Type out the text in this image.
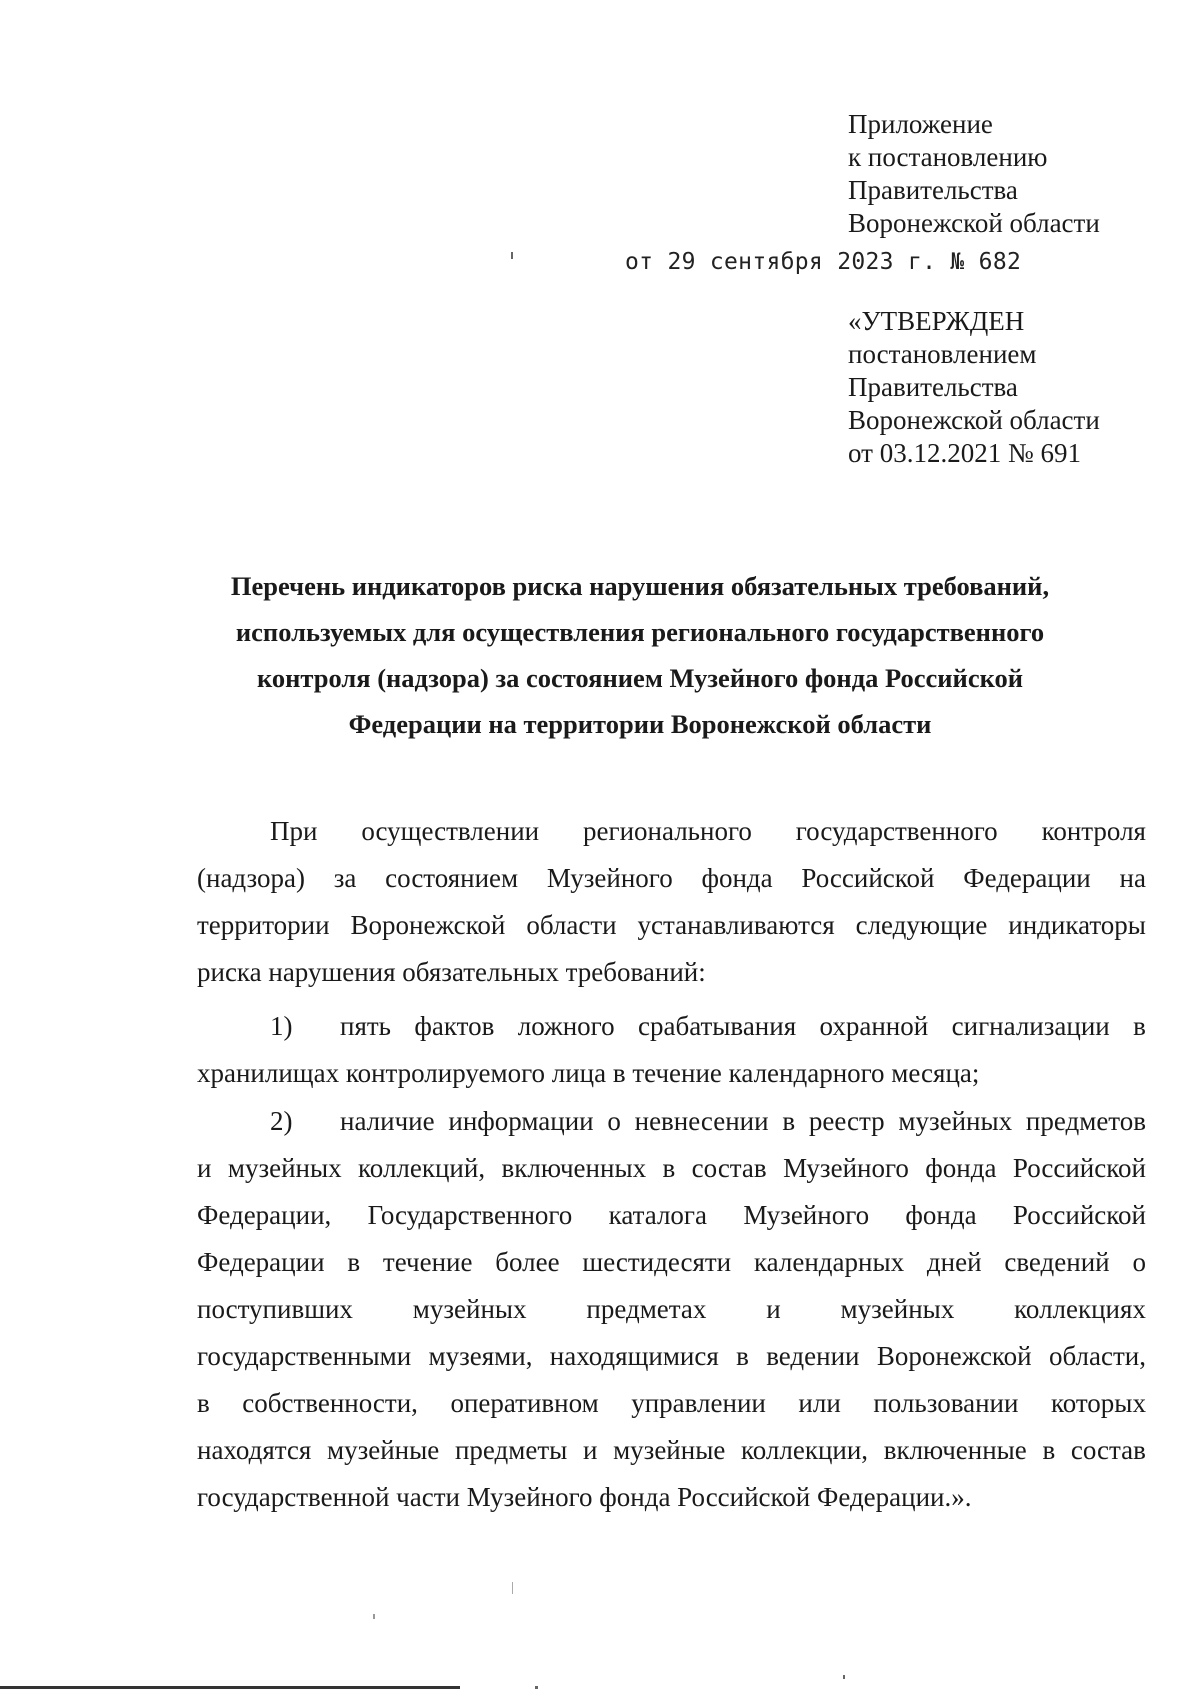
Приложение
к постановлению
Правительства
Воронежской области
от 29 сентября 2023 г. № 682
«УТВЕРЖДЕН
постановлением
Правительства
Воронежской области
от 03.12.2021 № 691
Перечень индикаторов риска нарушения обязательных требований,
используемых для осуществления регионального государственного
контроля (надзора) за состоянием Музейного фонда Российской
Федерации на территории Воронежской области
При осуществлении регионального государственного контроля
(надзора) за состоянием Музейного фонда Российской Федерации на
территории Воронежской области устанавливаются следующие индикаторы
риска нарушения обязательных требований:
1)	пять фактов ложного срабатывания охранной сигнализации в
хранилищах контролируемого лица в течение календарного месяца;
2)	наличие информации о невнесении в реестр музейных предметов
и музейных коллекций, включенных в состав Музейного фонда Российской
Федерации, Государственного каталога Музейного фонда Российской
Федерации в течение более шестидесяти календарных дней сведений о
поступивших музейных предметах и музейных коллекциях
государственными музеями, находящимися в ведении Воронежской области,
в собственности, оперативном управлении или пользовании которых
находятся музейные предметы и музейные коллекции, включенные в состав
государственной части Музейного фонда Российской Федерации.».
